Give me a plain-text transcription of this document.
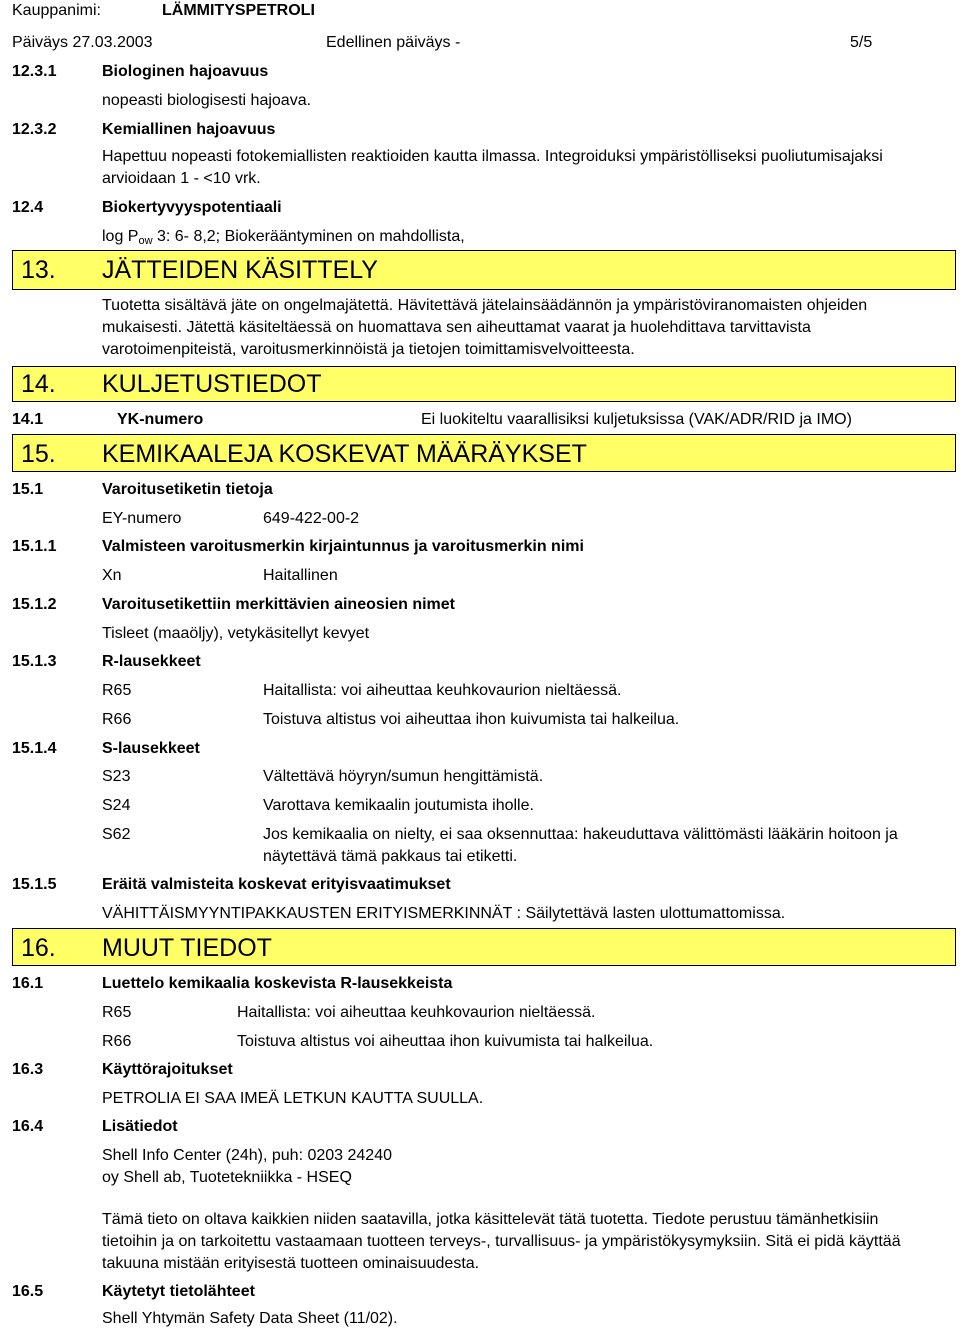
Kauppanimi:	LÄMMITYSPETROLI
Päiväys 27.03.2003	Edellinen päiväys -	5/5
12.3.1	Biologinen hajoavuus
nopeasti biologisesti hajoava.
12.3.2	Kemiallinen hajoavuus
Hapettuu nopeasti fotokemiallisten reaktioiden kautta ilmassa. Integroiduksi ympäristölliseksi puoliutumisajaksi arvioidaan 1 - <10 vrk.
12.4	Biokertyvyyspotentiaali
$\log P_{ow}$ 3: 6- 8,2; Biokerääntyminen on mahdollista,
13. JÄTTEIDEN KÄSITTELY
Tuotetta sisältävä jäte on ongelmajätettä. Hävitettävä jätelainsäädännön ja ympäristöviranomaisten ohjeiden mukaisesti. Jätettä käsiteltäessä on huomattava sen aiheuttamat vaarat ja huolehdittava tarvittavista varotoimenpiteistä, varoitusmerkinnöistä ja tietojen toimittamisvelvoitteesta.
14. KULJETUSTIEDOT
14.1	YK-numero	Ei luokiteltu vaarallisiksi kuljetuksissa (VAK/ADR/RID ja IMO)
15. KEMIKAALEJA KOSKEVAT MÄÄRÄYKSET
15.1	Varoitusetiketin tietoja
EY-numero	649-422-00-2
15.1.1	Valmisteen varoitusmerkin kirjaintunnus ja varoitusmerkin nimi
Xn	Haitallinen
15.1.2	Varoitusetikettiin merkittävien aineosien nimet
Tisleet (maaöljy), vetykäsitellyt kevyet
15.1.3	R-lausekkeet
R65	Haitallista: voi aiheuttaa keuhkovaurion nieltäessä.
R66	Toistuva altistus voi aiheuttaa ihon kuivumista tai halkeilua.
15.1.4	S-lausekkeet
S23	Vältettävä höyryn/sumun hengittämistä.
S24	Varottava kemikaalin joutumista iholle.
S62	Jos kemikaalia on nielty, ei saa oksennuttaa: hakeuduttava välittömästi lääkärin hoitoon ja näytettävä tämä pakkaus tai etiketti.
15.1.5	Eräitä valmisteita koskevat erityisvaatimukset
VÄHITTÄISMYYNTIPAKKAUSTEN ERITYISMERKINNÄT : Säilytettävä lasten ulottumattomissa.
16. MUUT TIEDOT
16.1	Luettelo kemikaalia koskevista R-lausekkeista
R65	Haitallista: voi aiheuttaa keuhkovaurion nieltäessä.
R66	Toistuva altistus voi aiheuttaa ihon kuivumista tai halkeilua.
16.3	Käyttörajoitukset
PETROLIA EI SAA IMEÄ LETKUN KAUTTA SUULLA.
16.4	Lisätiedot
Shell Info Center (24h), puh: 0203 24240
oy Shell ab, Tuotetekniikka - HSEQ
Tämä tieto on oltava kaikkien niiden saatavilla, jotka käsittelevät tätä tuotetta. Tiedote perustuu tämänhetkisiin tietoihin ja on tarkoitettu vastaamaan tuotteen terveys-, turvallisuus- ja ympäristökysymyksiin. Sitä ei pidä käyttää takuuna mistään erityisestä tuotteen ominaisuudesta.
16.5	Käytetyt tietolähteet
Shell Yhtymän Safety Data Sheet (11/02).
